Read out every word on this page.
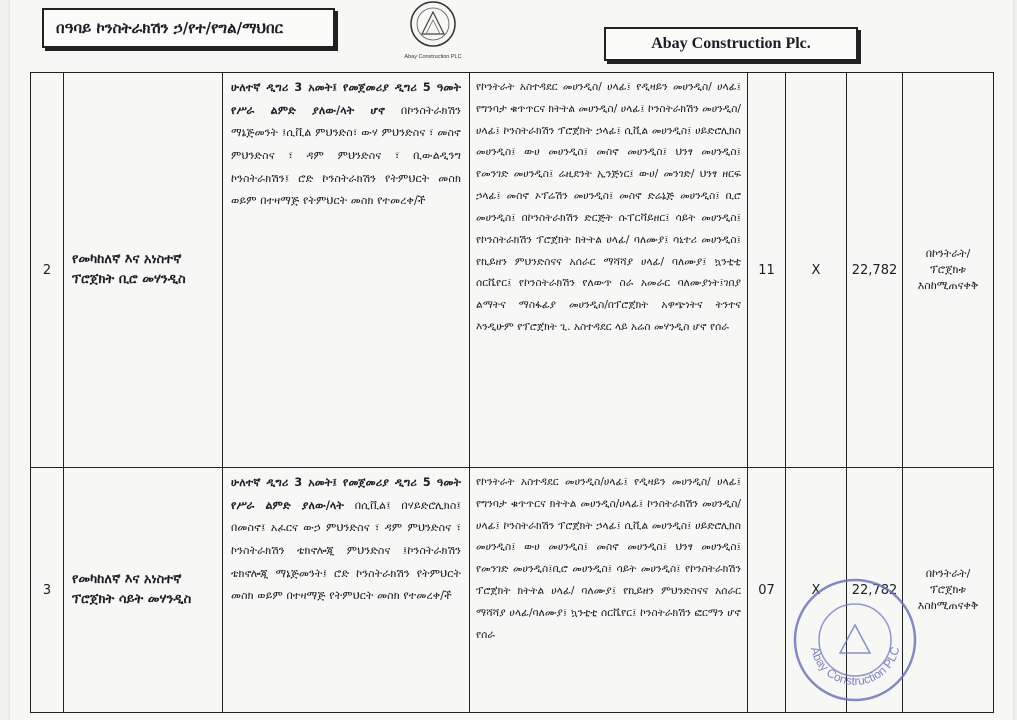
በዓባይ ኮንስትራክሽን ኃ/የተ/የግል/ማህበር
Abay Construction PLC
Abay Construction Plc.
2	የመካከለኛ እና አነስተኛ ፕሮጀክት ቢሮ መሃንዲስ	ሁለተኛ ዲግሪ 3 አመት፤ የመጀመሪያ ዲግሪ 5 ዓመት የሥራ ልምድ ያለው/ላት ሆኖ በኮንስትራክሽን ማኔጅመንት ፤ሲቪል ምህንድስ፣ ውሃ ምህንድስና ፣ መስኖ ምህንድስና ፣ ዳም ምህንድስና ፣ ቢውልዲንግ ኮንስትራክሽን፤ ሮድ ኮንስትራክሽን የትምህርት መስክ ወይም በተዛማጅ የትምህርት መስክ የተመረቀ/ች	የኮንትራት አስተዳደር መሀንዲስ/ ሀላፊ፤ የዲዛይን መሀንዲስ/ ሀላፊ፤ የግንባታ ቁጥጥርና ክትትል መሀንዲስ/ ሀላፊ፤ ኮንስትራክሽን መሀንዲስ/ሀላፊ፤ ኮንስትራክሽን ፕሮጀክት ኃላፊ፤ ሲቪል መሀንዲስ፤ ሀይድሮሊክስ መሀንዲስ፤ ውሀ መሀንዲስ፤ መስኖ መሀንዲስ፤ ህንፃ መሀንዲስ፤ የመንገድ መሀንዲስ፤ ሬዚደንት ኢንጅነር፤ ውሀ/ መንገድ/ ህንፃ ዘርፍ ኃላፊ፤ መስኖ ኦፕሬሽን መሀንዲስ፤ መስኖ ድሬኔጅ መሀንዲስ፤ ቢሮ መሀንዲስ፤ በኮንስትራክሽን ድርጅት ሱፐርቫይዘር፤ ሳይት መሀንዲስ፤ የኮንስትራክሽን ፕሮጀክት ክትትል ሀላፊ/ ባለሙያ፤ ሳኒተሪ መሀንዲስ፤ የኪይዘን ምህንድስናና አሰራር ማሻሻያ ሀላፊ/ ባለሙያ፤ ኳንቲቲ ሰርቬየር፤ የኮንስትራክሽን የለውጥ ስራ አመራር ባለሙያነት፤ገበያ ልማትና ማስፋፊያ መሀንዲስ/በፕሮጀክት አዋጭነትና ትንተና እንዲሁም የፕሮጀክት ጊ. አስተዳደር ላይ አሬስ መሃንዲስ ሆኖ የሰራ	11	X	22,782	በኮንትራት/ ፕሮጀክቱ እስከሚጠናቀቅ
3	የመካከለኛ እና አነስተኛ ፕሮጀክት ሳይት መሃንዲስ	ሁለተኛ ዲግሪ 3 አመት፤ የመጀመሪያ ዲግሪ 5 ዓመት የሥራ ልምድ ያለው/ላት በሲቪል፤ በሃይድሮሊክስ፤ በመስኖ፤ አፈርና ውኃ ምህንድስና ፣ ዳም ምህንድስና ፣ ኮንስትራክሽን ቴክኖሎጂ ምህንድስና ፤ኮንስትራክሽን ቴክኖሎጂ ማኔጅመንት፤ ሮድ ኮንስትራክሽን የትምህርት መስክ ወይም በተዛማጅ የትምህርት መስክ የተመረቀ/ች	የኮንትራት አስተዳደር መሀንዲስ/ሀላፊ፤ የዲዛይን መሀንዲስ/ ሀላፊ፤ የግንባታ ቁጥጥርና ክትትል መሀንዲስ/ሀላፊ፤ ኮንስትራክሽን መሀንዲስ/ ሀላፊ፤ ኮንስትራክሽን ፕሮጀክት ኃላፊ፤ ሲቪል መሀንዲስ፤ ሀይድሮሊክስ መሀንዲስ፤ ውሀ መሀንዲስ፤ መስኖ መሀንዲስ፤ ህንፃ መሀንዲስ፤ የመንገድ መሀንዲስ፤ቢሮ መሀንዲስ፤ ሳይት መሀንዲስ፤ የኮንስትራክሽን ፕሮጀክት ክትትል ሀላፊ/ ባለሙያ፤ የኪይዘን ምህንድስናና አሰራር ማሻሻያ ሀላፊ/ባለሙያ፤ ኳንቲቲ ሰርቬየር፤ ኮንስትራክሽን ፎርማን ሆኖ የሰራ	07	X	22,782	በኮንትራት/ ፕሮጀክቱ እስከሚጠናቀቅ
Abay Construction PLC
